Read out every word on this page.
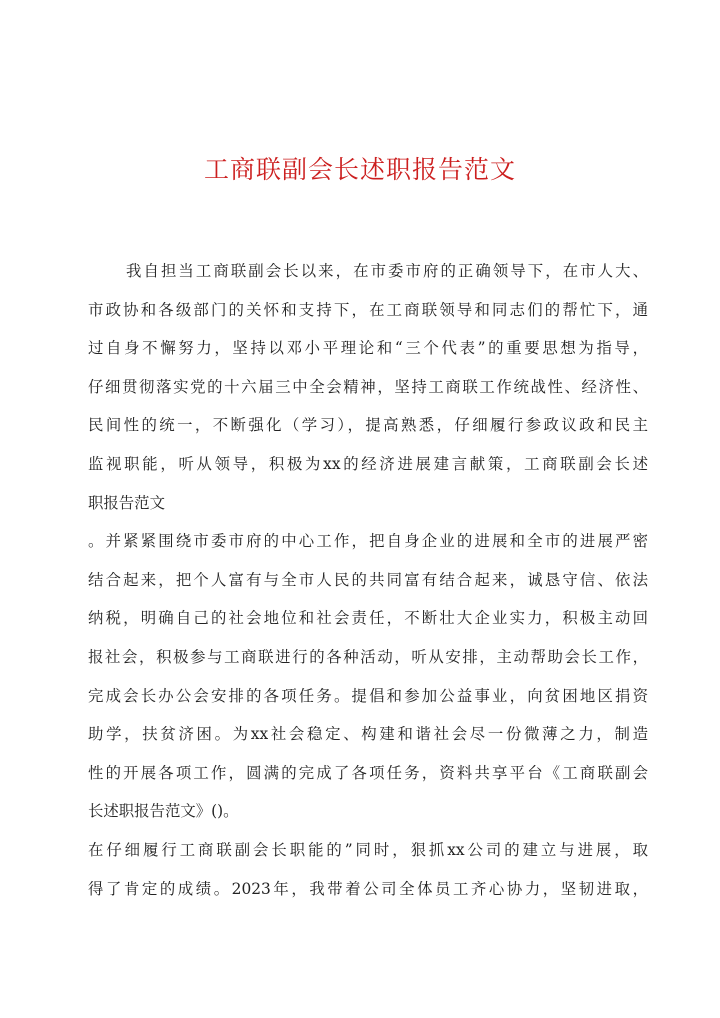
工商联副会长述职报告范文
我自担当工商联副会长以来，在市委市府的正确领导下，在市人大、
市政协和各级部门的关怀和支持下，在工商联领导和同志们的帮忙下，通
过自身不懈努力，坚持以邓小平理论和“三个代表”的重要思想为指导，
仔细贯彻落实党的十六届三中全会精神，坚持工商联工作统战性、经济性、
民间性的统一，不断强化（学习），提高熟悉，仔细履行参政议政和民主
监视职能，听从领导，积极为xx的经济进展建言献策，工商联副会长述
职报告范文
。并紧紧围绕市委市府的中心工作，把自身企业的进展和全市的进展严密
结合起来，把个人富有与全市人民的共同富有结合起来，诚恳守信、依法
纳税，明确自己的社会地位和社会责任，不断壮大企业实力，积极主动回
报社会，积极参与工商联进行的各种活动，听从安排，主动帮助会长工作，
完成会长办公会安排的各项任务。提倡和参加公益事业，向贫困地区捐资
助学，扶贫济困。为xx社会稳定、构建和谐社会尽一份微薄之力，制造
性的开展各项工作，圆满的完成了各项任务，资料共享平台《工商联副会
长述职报告范文》()。
在仔细履行工商联副会长职能的”同时，狠抓xx公司的建立与进展，取
得了肯定的成绩。2023年，我带着公司全体员工齐心协力，坚韧进取，
